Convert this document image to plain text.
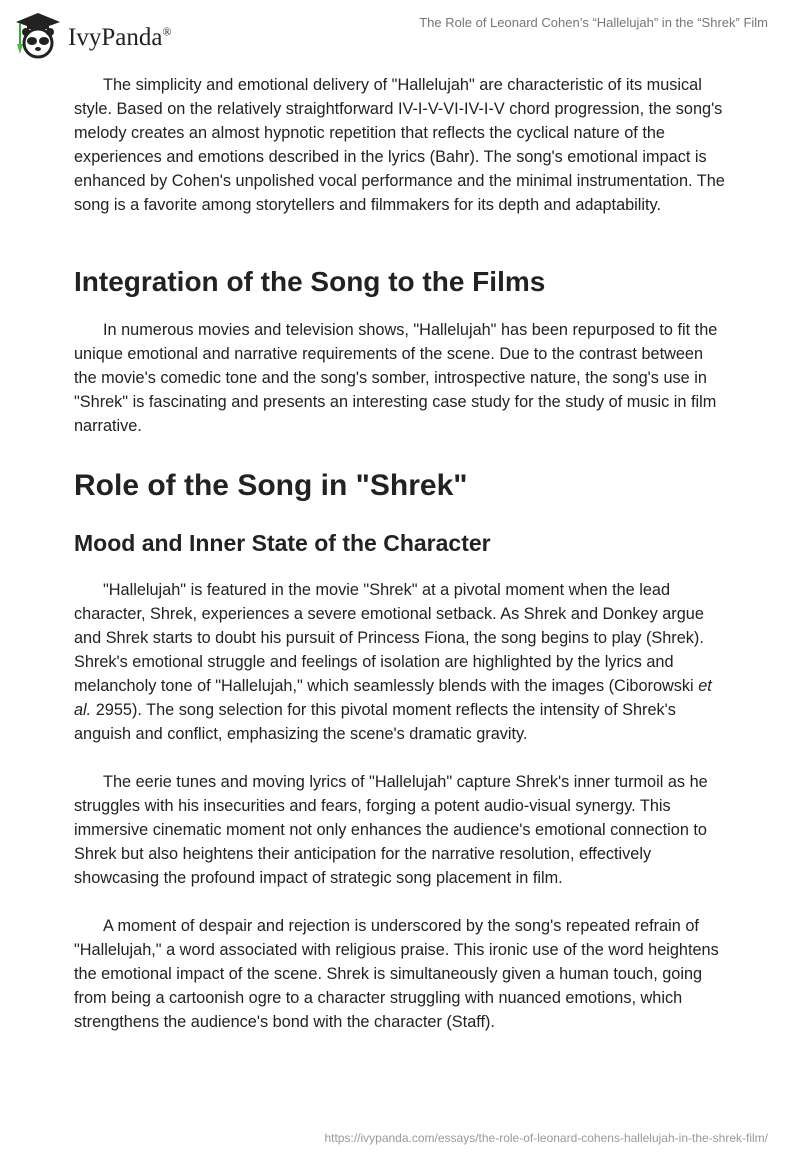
IvyPanda®
The Role of Leonard Cohen’s “Hallelujah” in the “Shrek” Film

The simplicity and emotional delivery of "Hallelujah" are characteristic of its musical style. Based on the relatively straightforward IV-I-V-VI-IV-I-V chord progression, the song's melody creates an almost hypnotic repetition that reflects the cyclical nature of the experiences and emotions described in the lyrics (Bahr). The song's emotional impact is enhanced by Cohen's unpolished vocal performance and the minimal instrumentation. The song is a favorite among storytellers and filmmakers for its depth and adaptability.

Integration of the Song to the Films

In numerous movies and television shows, "Hallelujah" has been repurposed to fit the unique emotional and narrative requirements of the scene. Due to the contrast between the movie's comedic tone and the song's somber, introspective nature, the song's use in "Shrek" is fascinating and presents an interesting case study for the study of music in film narrative.

Role of the Song in "Shrek"
Mood and Inner State of the Character

"Hallelujah" is featured in the movie "Shrek" at a pivotal moment when the lead character, Shrek, experiences a severe emotional setback. As Shrek and Donkey argue and Shrek starts to doubt his pursuit of Princess Fiona, the song begins to play (Shrek). Shrek's emotional struggle and feelings of isolation are highlighted by the lyrics and melancholy tone of "Hallelujah," which seamlessly blends with the images (Ciborowski et al. 2955). The song selection for this pivotal moment reflects the intensity of Shrek's anguish and conflict, emphasizing the scene's dramatic gravity.

The eerie tunes and moving lyrics of "Hallelujah" capture Shrek's inner turmoil as he struggles with his insecurities and fears, forging a potent audio-visual synergy. This immersive cinematic moment not only enhances the audience's emotional connection to Shrek but also heightens their anticipation for the narrative resolution, effectively showcasing the profound impact of strategic song placement in film.

A moment of despair and rejection is underscored by the song's repeated refrain of "Hallelujah," a word associated with religious praise. This ironic use of the word heightens the emotional impact of the scene. Shrek is simultaneously given a human touch, going from being a cartoonish ogre to a character struggling with nuanced emotions, which strengthens the audience's bond with the character (Staff).

https://ivypanda.com/essays/the-role-of-leonard-cohens-hallelujah-in-the-shrek-film/
